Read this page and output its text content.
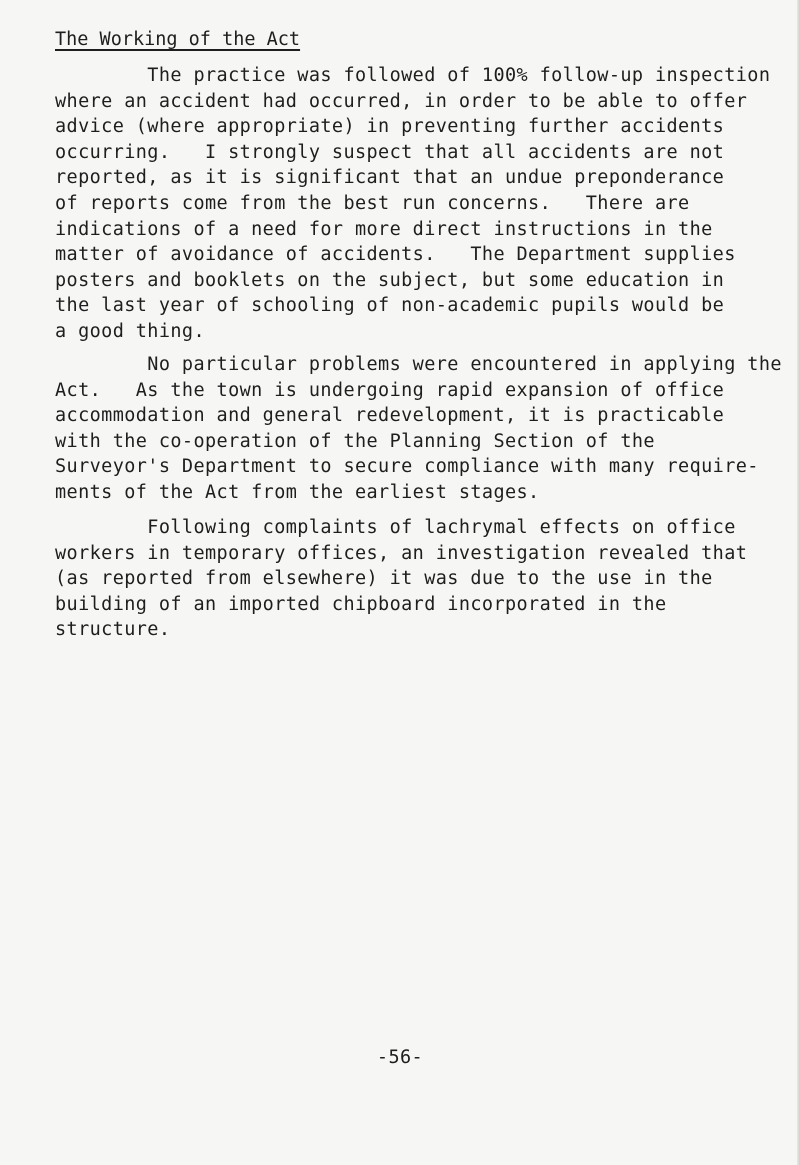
The Working of the Act

The practice was followed of 100% follow-up inspection
where an accident had occurred, in order to be able to offer
advice (where appropriate) in preventing further accidents
occurring.   I strongly suspect that all accidents are not
reported, as it is significant that an undue preponderance
of reports come from the best run concerns.   There are
indications of a need for more direct instructions in the
matter of avoidance of accidents.   The Department supplies
posters and booklets on the subject, but some education in
the last year of schooling of non-academic pupils would be
a good thing.

No particular problems were encountered in applying the
Act.   As the town is undergoing rapid expansion of office
accommodation and general redevelopment, it is practicable
with the co-operation of the Planning Section of the
Surveyor's Department to secure compliance with many require-
ments of the Act from the earliest stages.

Following complaints of lachrymal effects on office
workers in temporary offices, an investigation revealed that
(as reported from elsewhere) it was due to the use in the
building of an imported chipboard incorporated in the
structure.

-56-
